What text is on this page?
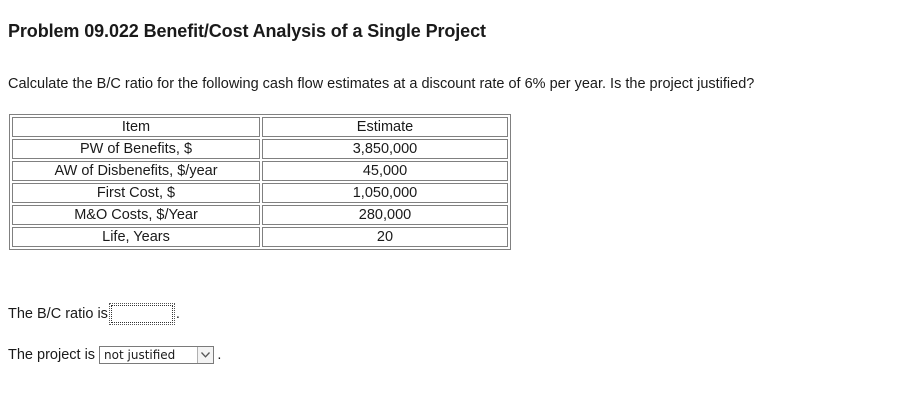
Problem 09.022 Benefit/Cost Analysis of a Single Project
Calculate the B/C ratio for the following cash flow estimates at a discount rate of 6% per year. Is the project justified?
Item	Estimate
PW of Benefits, $	3,850,000
AW of Disbenefits, $/year	45,000
First Cost, $	1,050,000
M&O Costs, $/Year	280,000
Life, Years	20
The B/C ratio is	.
The project is not justified	.
